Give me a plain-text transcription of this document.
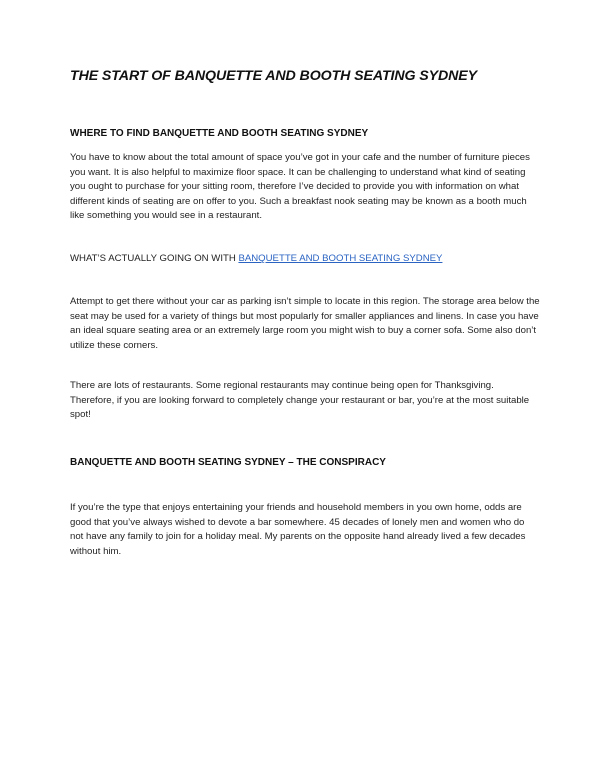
THE START OF BANQUETTE AND BOOTH SEATING SYDNEY
WHERE TO FIND BANQUETTE AND BOOTH SEATING SYDNEY

You have to know about the total amount of space you’ve got in your cafe and the number of furniture pieces you want. It is also helpful to maximize floor space. It can be challenging to understand what kind of seating you ought to purchase for your sitting room, therefore I’ve decided to provide you with information on what different kinds of seating are on offer to you. Such a breakfast nook seating may be known as a booth much like something you would see in a restaurant.

WHAT’S ACTUALLY GOING ON WITH BANQUETTE AND BOOTH SEATING SYDNEY

Attempt to get there without your car as parking isn’t simple to locate in this region. The storage area below the seat may be used for a variety of things but most popularly for smaller appliances and linens. In case you have an ideal square seating area or an extremely large room you might wish to buy a corner sofa. Some also don’t utilize these corners.

There are lots of restaurants. Some regional restaurants may continue being open for Thanksgiving. Therefore, if you are looking forward to completely change your restaurant or bar, you’re at the most suitable spot!

BANQUETTE AND BOOTH SEATING SYDNEY – THE CONSPIRACY

If you’re the type that enjoys entertaining your friends and household members in you own home, odds are good that you’ve always wished to devote a bar somewhere. 45 decades of lonely men and women who do not have any family to join for a holiday meal. My parents on the opposite hand already lived a few decades without him.
